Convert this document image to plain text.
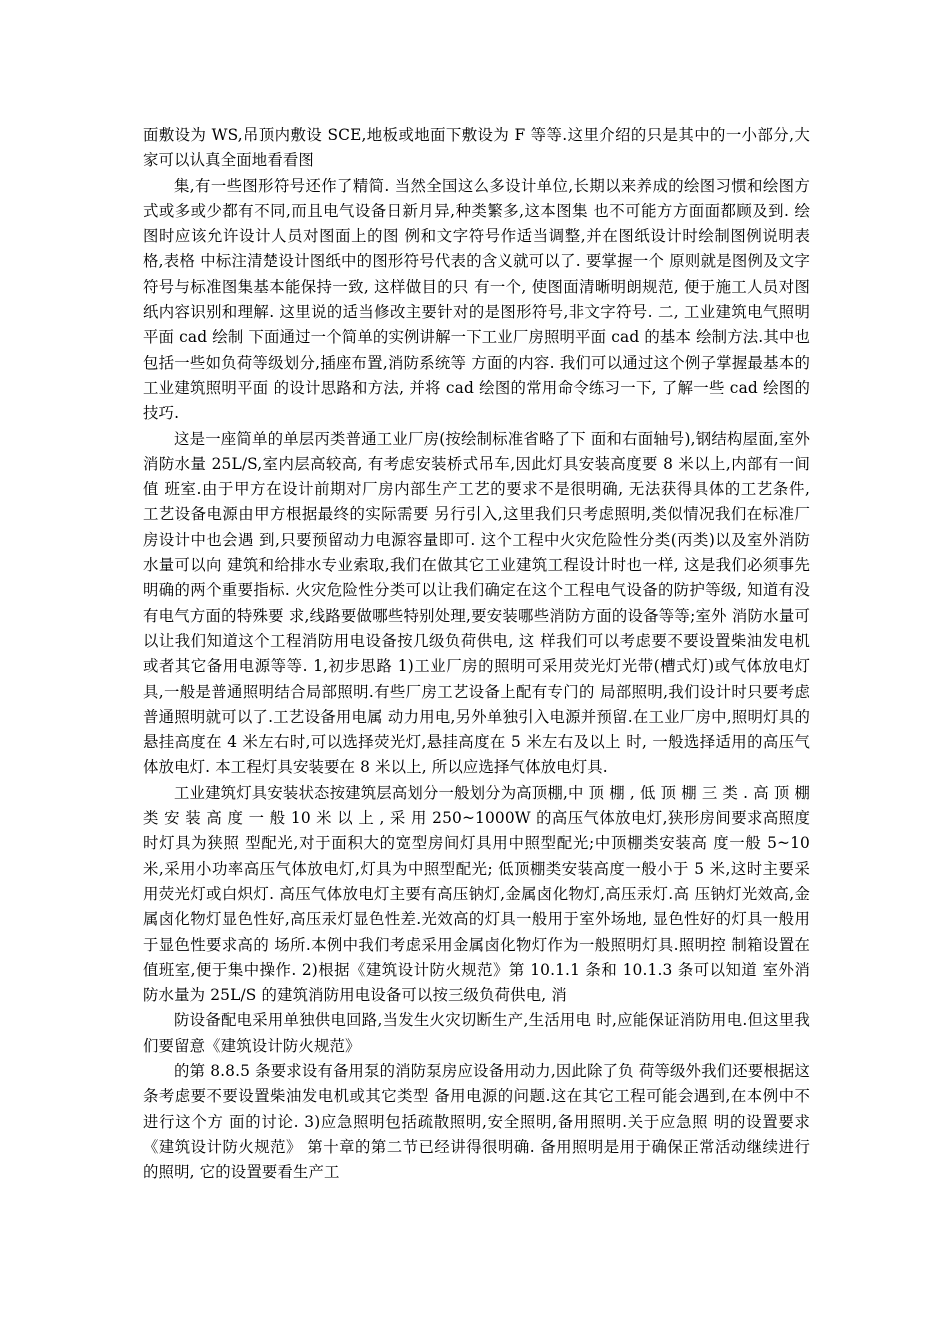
面敷设为 WS,吊顶内敷设 SCE,地板或地面下敷设为 F 等等.这里介绍的只是其中的一小部分,大家可以认真全面地看看图

集,有一些图形符号还作了精简. 当然全国这么多设计单位,长期以来养成的绘图习惯和绘图方 式或多或少都有不同,而且电气设备日新月异,种类繁多,这本图集 也不可能方方面面都顾及到. 绘图时应该允许设计人员对图面上的图 例和文字符号作适当调整,并在图纸设计时绘制图例说明表格,表格 中标注清楚设计图纸中的图形符号代表的含义就可以了. 要掌握一个 原则就是图例及文字符号与标准图集基本能保持一致, 这样做目的只 有一个, 使图面清晰明朗规范, 便于施工人员对图纸内容识别和理解. 这里说的适当修改主要针对的是图形符号,非文字符号. 二, 工业建筑电气照明平面 cad 绘制 下面通过一个简单的实例讲解一下工业厂房照明平面 cad 的基本 绘制方法.其中也包括一些如负荷等级划分,插座布置,消防系统等 方面的内容. 我们可以通过这个例子掌握最基本的工业建筑照明平面 的设计思路和方法, 并将 cad 绘图的常用命令练习一下, 了解一些 cad 绘图的技巧.

这是一座简单的单层丙类普通工业厂房(按绘制标准省略了下 面和右面轴号),钢结构屋面,室外消防水量 25L/S,室内层高较高, 有考虑安装桥式吊车,因此灯具安装高度要 8 米以上,内部有一间值 班室.由于甲方在设计前期对厂房内部生产工艺的要求不是很明确, 无法获得具体的工艺条件, 工艺设备电源由甲方根据最终的实际需要 另行引入,这里我们只考虑照明,类似情况我们在标准厂房设计中也会遇 到,只要预留动力电源容量即可. 这个工程中火灾危险性分类(丙类)以及室外消防水量可以向 建筑和给排水专业索取,我们在做其它工业建筑工程设计时也一样, 这是我们必须事先明确的两个重要指标. 火灾危险性分类可以让我们确定在这个工程电气设备的防护等级, 知道有没有电气方面的特殊要 求,线路要做哪些特别处理,要安装哪些消防方面的设备等等;室外 消防水量可以让我们知道这个工程消防用电设备按几级负荷供电, 这 样我们可以考虑要不要设置柴油发电机或者其它备用电源等等. 1,初步思路 1)工业厂房的照明可采用荧光灯光带(槽式灯)或气体放电灯 具,一般是普通照明结合局部照明.有些厂房工艺设备上配有专门的 局部照明,我们设计时只要考虑普通照明就可以了.工艺设备用电属 动力用电,另外单独引入电源并预留.在工业厂房中,照明灯具的悬挂高度在 4 米左右时,可以选择荧光灯,悬挂高度在 5 米左右及以上 时, 一般选择适用的高压气体放电灯. 本工程灯具安装要在 8 米以上, 所以应选择气体放电灯具.

工业建筑灯具安装状态按建筑层高划分一般划分为高顶棚,中 顶 棚 , 低 顶 棚 三 类 . 高 顶 棚 类 安 装 高 度 一 般 10 米 以 上 , 采 用 250~1000W 的高压气体放电灯,狭形房间要求高照度时灯具为狭照 型配光,对于面积大的宽型房间灯具用中照型配光;中顶棚类安装高 度一般 5~10 米,采用小功率高压气体放电灯,灯具为中照型配光; 低顶棚类安装高度一般小于 5 米,这时主要采用荧光灯或白炽灯. 高压气体放电灯主要有高压钠灯,金属卤化物灯,高压汞灯.高 压钠灯光效高,金属卤化物灯显色性好,高压汞灯显色性差.光效高的灯具一般用于室外场地, 显色性好的灯具一般用于显色性要求高的 场所.本例中我们考虑采用金属卤化物灯作为一般照明灯具.照明控 制箱设置在值班室,便于集中操作. 2)根据《建筑设计防火规范》第 10.1.1 条和 10.1.3 条可以知道 室外消防水量为 25L/S 的建筑消防用电设备可以按三级负荷供电, 消

防设备配电采用单独供电回路,当发生火灾切断生产,生活用电 时,应能保证消防用电.但这里我们要留意《建筑设计防火规范》

的第 8.8.5 条要求设有备用泵的消防泵房应设备用动力,因此除了负 荷等级外我们还要根据这条考虑要不要设置柴油发电机或其它类型 备用电源的问题.这在其它工程可能会遇到,在本例中不进行这个方 面的讨论. 3)应急照明包括疏散照明,安全照明,备用照明.关于应急照 明的设置要求 《建筑设计防火规范》 第十章的第二节已经讲得很明确. 备用照明是用于确保正常活动继续进行的照明, 它的设置要看生产工
